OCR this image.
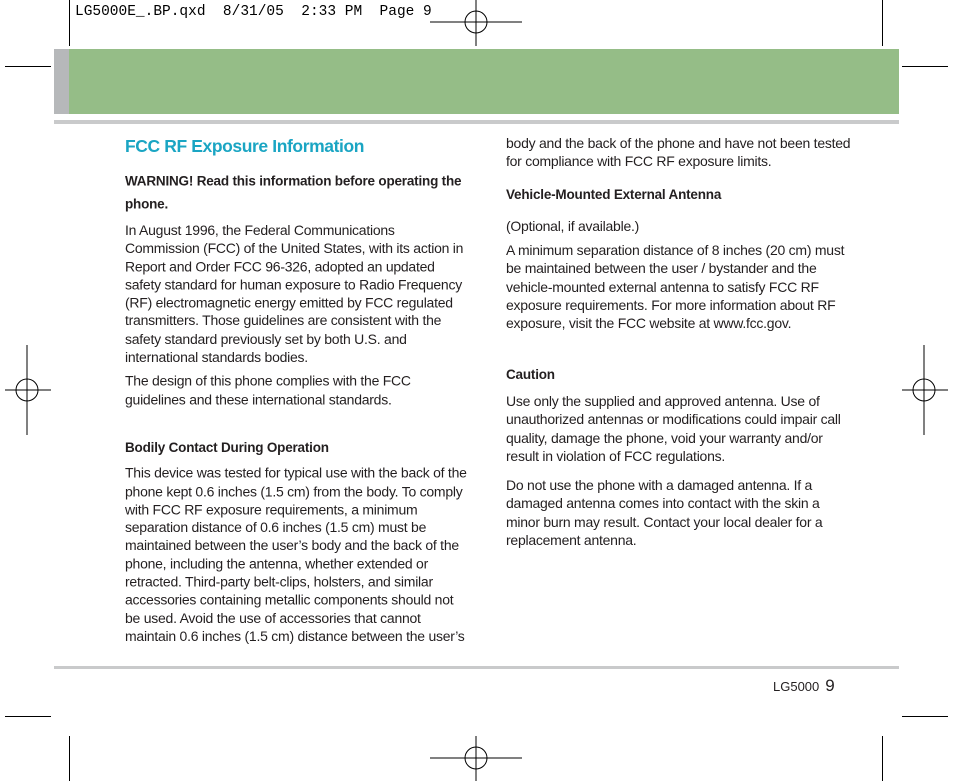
LG5000E_.BP.qxd  8/31/05  2:33 PM  Page 9

FCC RF Exposure Information

WARNING! Read this information before operating the phone.

In August 1996, the Federal Communications Commission (FCC) of the United States, with its action in Report and Order FCC 96-326, adopted an updated safety standard for human exposure to Radio Frequency (RF) electromagnetic energy emitted by FCC regulated transmitters. Those guidelines are consistent with the safety standard previously set by both U.S. and international standards bodies.

The design of this phone complies with the FCC guidelines and these international standards.

Bodily Contact During Operation

This device was tested for typical use with the back of the phone kept 0.6 inches (1.5 cm) from the body. To comply with FCC RF exposure requirements, a minimum separation distance of 0.6 inches (1.5 cm) must be maintained between the user’s body and the back of the phone, including the antenna, whether extended or retracted. Third-party belt-clips, holsters, and similar accessories containing metallic components should not be used. Avoid the use of accessories that cannot maintain 0.6 inches (1.5 cm) distance between the user’s

body and the back of the phone and have not been tested for compliance with FCC RF exposure limits.

Vehicle-Mounted External Antenna

(Optional, if available.)

A minimum separation distance of 8 inches (20 cm) must be maintained between the user / bystander and the vehicle-mounted external antenna to satisfy FCC RF exposure requirements. For more information about RF exposure, visit the FCC website at www.fcc.gov.

Caution

Use only the supplied and approved antenna. Use of unauthorized antennas or modifications could impair call quality, damage the phone, void your warranty and/or result in violation of FCC regulations.

Do not use the phone with a damaged antenna. If a damaged antenna comes into contact with the skin a minor burn may result. Contact your local dealer for a replacement antenna.

LG5000 9
